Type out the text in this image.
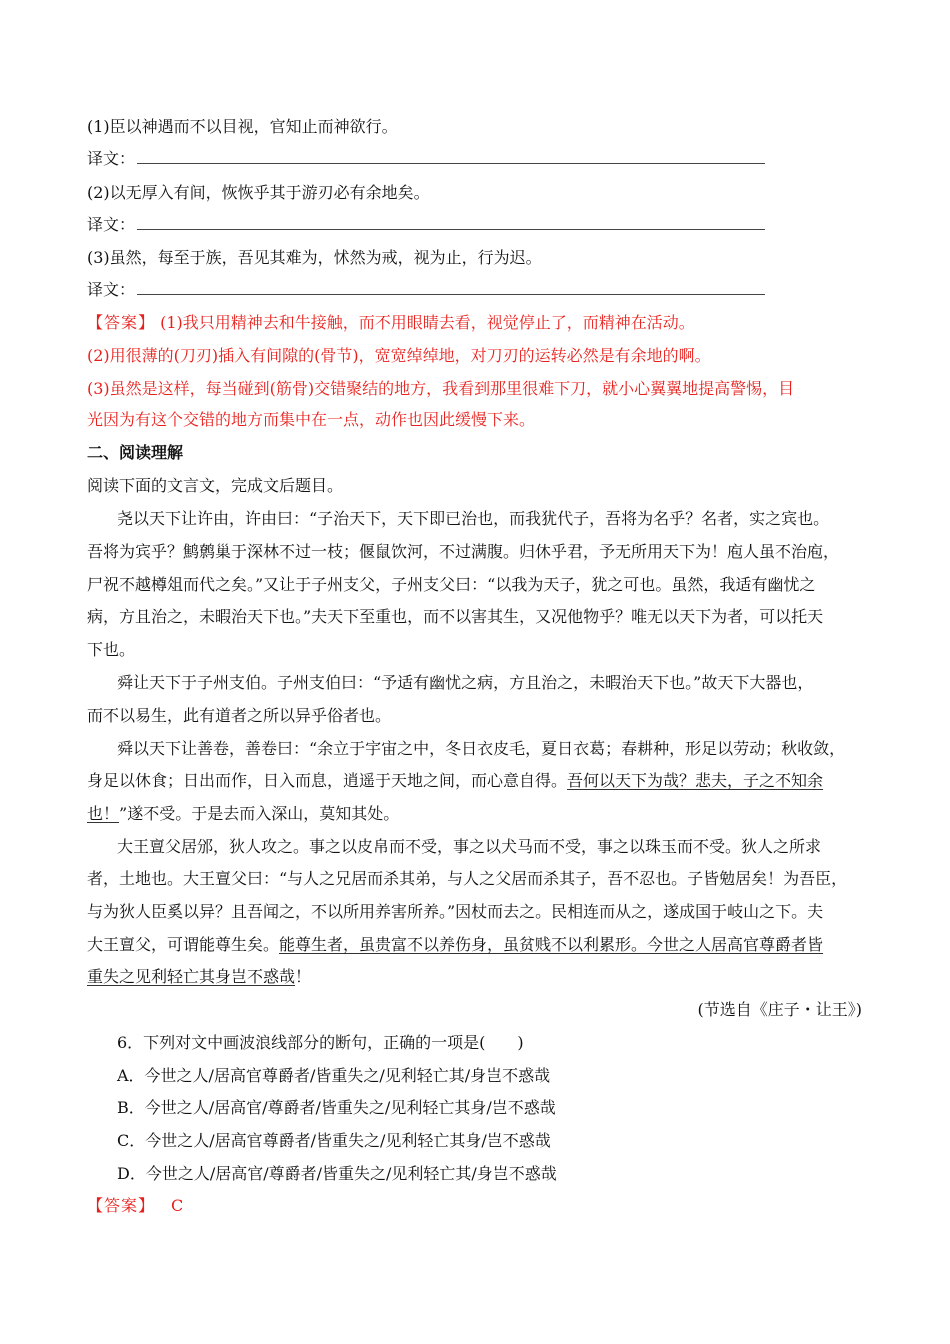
(1)臣以神遇而不以目视，官知止而神欲行。
译文：
(2)以无厚入有间，恢恢乎其于游刃必有余地矣。
译文：
(3)虽然，每至于族，吾见其难为，怵然为戒，视为止，行为迟。
译文：
【答案】 (1)我只用精神去和牛接触，而不用眼睛去看，视觉停止了，而精神在活动。
(2)用很薄的(刀刃)插入有间隙的(骨节)，宽宽绰绰地，对刀刃的运转必然是有余地的啊。
(3)虽然是这样，每当碰到(筋骨)交错聚结的地方，我看到那里很难下刀，就小心翼翼地提高警惕，目
光因为有这个交错的地方而集中在一点，动作也因此缓慢下来。
二、阅读理解
阅读下面的文言文，完成文后题目。
尧以天下让许由，许由曰：“子治天下，天下即已治也，而我犹代子，吾将为名乎？名者，实之宾也。
吾将为宾乎？鹪鹩巢于深林不过一枝；偃鼠饮河，不过满腹。归休乎君，予无所用天下为！庖人虽不治庖，
尸祝不越樽俎而代之矣。”又让于子州支父，子州支父曰：“以我为天子，犹之可也。虽然，我适有幽忧之
病，方且治之，未暇治天下也。”夫天下至重也，而不以害其生，又况他物乎？唯无以天下为者，可以托天
下也。
舜让天下于子州支伯。子州支伯曰：“予适有幽忧之病，方且治之，未暇治天下也。”故天下大器也，
而不以易生，此有道者之所以异乎俗者也。
舜以天下让善卷，善卷曰：“余立于宇宙之中，冬日衣皮毛，夏日衣葛；春耕种，形足以劳动；秋收敛，
身足以休食；日出而作，日入而息，逍遥于天地之间，而心意自得。吾何以天下为哉？悲夫，子之不知余
也！”遂不受。于是去而入深山，莫知其处。
大王亶父居邠，狄人攻之。事之以皮帛而不受，事之以犬马而不受，事之以珠玉而不受。狄人之所求
者，土地也。大王亶父曰：“与人之兄居而杀其弟，与人之父居而杀其子，吾不忍也。子皆勉居矣！为吾臣，
与为狄人臣奚以异？且吾闻之，不以所用养害所养。”因杖而去之。民相连而从之，遂成国于岐山之下。夫
大王亶父，可谓能尊生矣。能尊生者，虽贵富不以养伤身，虽贫贱不以利累形。今世之人居高官尊爵者皆
重失之见利轻亡其身岂不惑哉！
(节选自《庄子・让王》)
6．下列对文中画波浪线部分的断句，正确的一项是(　　)
A．今世之人/居高官尊爵者/皆重失之/见利轻亡其/身岂不惑哉
B．今世之人/居高官/尊爵者/皆重失之/见利轻亡其身/岂不惑哉
C．今世之人/居高官尊爵者/皆重失之/见利轻亡其身/岂不惑哉
D．今世之人/居高官/尊爵者/皆重失之/见利轻亡其/身岂不惑哉
【答案】 C
